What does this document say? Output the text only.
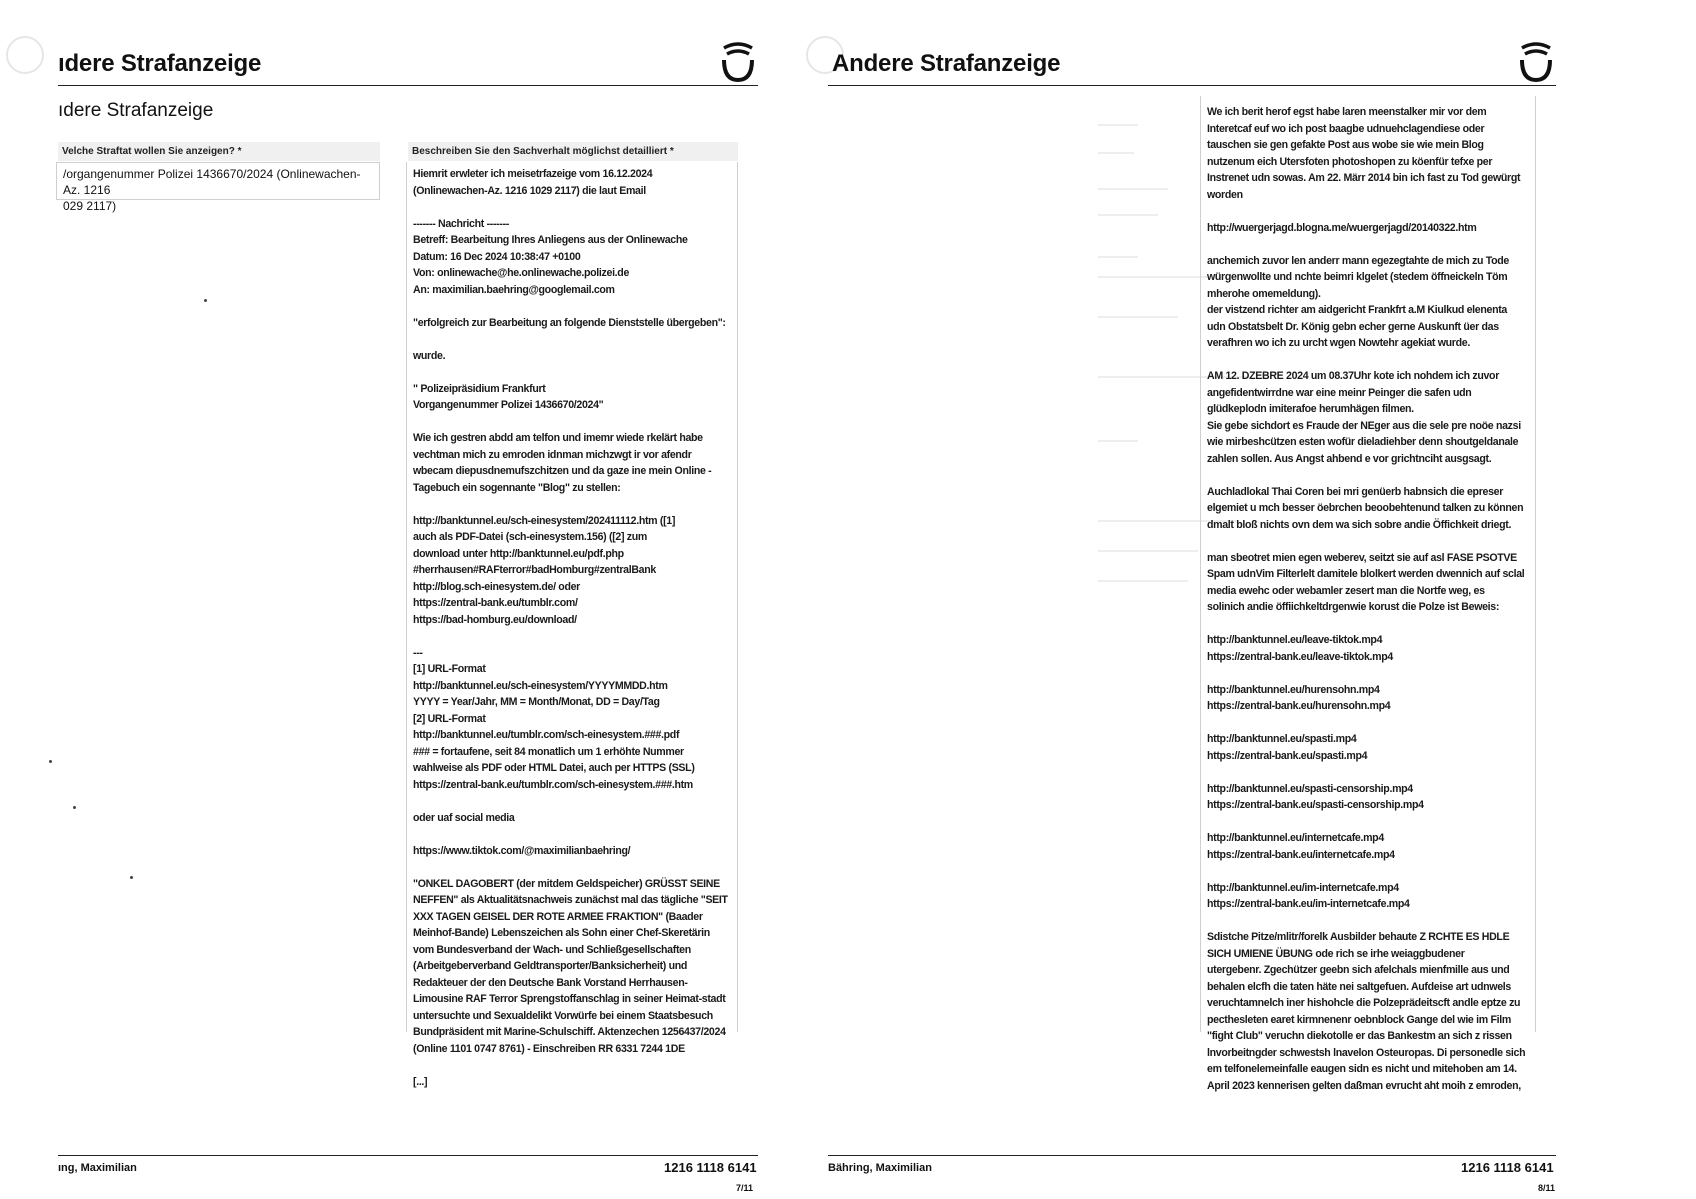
ıdere Strafanzeige
ıdere Strafanzeige
Velche Straftat wollen Sie anzeigen? *
/organgenummer Polizei 1436670/2024 (Onlinewachen-Az. 1216
029 2117)
Beschreiben Sie den Sachverhalt möglichst detailliert *
Hiemrit erwleter ich meisetrfazeige vom 16.12.2024
(Onlinewachen-Az. 1216 1029 2117) die laut Email
------- Nachricht -------
Betreff: Bearbeitung Ihres Anliegens aus der Onlinewache
Datum: 16 Dec 2024 10:38:47 +0100
Von: onlinewache@he.onlinewache.polizei.de
An: maximilian.baehring@googlemail.com
"erfolgreich zur Bearbeitung an folgende Dienststelle übergeben":
wurde.
" Polizeipräsidium Frankfurt
Vorgangenummer Polizei 1436670/2024"
Wie ich gestren abdd am telfon und imemr wiede rkelärt habe
vechtman mich zu emroden idnman michzwgt ir vor afendr
wbecam diepusdnemufszchitzen und da gaze ine mein Online -
Tagebuch ein sogennante "Blog" zu stellen:
http://banktunnel.eu/sch-einesystem/202411112.htm ([1]
auch als PDF-Datei (sch-einesystem.156) ([2] zum
download unter http://banktunnel.eu/pdf.php
#herrhausen#RAFterror#badHomburg#zentralBank
http://blog.sch-einesystem.de/ oder
https://zentral-bank.eu/tumblr.com/
https://bad-homburg.eu/download/
---
[1] URL-Format
http://banktunnel.eu/sch-einesystem/YYYYMMDD.htm
YYYY = Year/Jahr, MM = Month/Monat, DD = Day/Tag
[2] URL-Format
http://banktunnel.eu/tumblr.com/sch-einesystem.###.pdf
### = fortaufene, seit 84 monatlich um 1 erhöhte Nummer
wahlweise als PDF oder HTML Datei, auch per HTTPS (SSL)
https://zentral-bank.eu/tumblr.com/sch-einesystem.###.htm
oder uaf social media
https://www.tiktok.com/@maximilianbaehring/
"ONKEL DAGOBERT (der mitdem Geldspeicher) GRÜSST SEINE
NEFFEN" als Aktualitätsnachweis zunächst mal das tägliche "SEIT
XXX TAGEN GEISEL DER ROTE ARMEE FRAKTION" (Baader
Meinhof-Bande) Lebenszeichen als Sohn einer Chef-Skeretärin
vom Bundesverband der Wach- und Schließgesellschaften
(Arbeitgeberverband Geldtransporter/Banksicherheit) und
Redakteuer der den Deutsche Bank Vorstand Herrhausen-
Limousine RAF Terror Sprengstoffanschlag in seiner Heimat-stadt
untersuchte und Sexualdelikt Vorwürfe bei einem Staatsbesuch
Bundpräsident mit Marine-Schulschiff. Aktenzechen 1256437/2024
(Online 1101 0747 8761) - Einschreiben RR 6331 7244 1DE
[...]
ıng, Maximilian	1216 1118 6141
7/11
Andere Strafanzeige
We ich berit herof egst habe laren meenstalker mir vor dem
Interetcaf euf wo ich post baagbe udnuehclagendiese oder
tauschen sie gen gefakte Post aus wobe sie wie mein Blog
nutzenum eich Utersfoten photoshopen zu köenfür tefxe per
Instrenet udn sowas. Am 22. Märr 2014 bin ich fast zu Tod gewürgt
worden
http://wuergerjagd.blogna.me/wuergerjagd/20140322.htm
anchemich zuvor len anderr mann egezegtahte de mich zu Tode
würgenwollte und nchte beimri klgelet (stedem öffneickeln Töm
mherohe omemeldung).
der vistzend richter am aidgericht Frankfrt a.M Kiulkud elenenta
udn Obstatsbelt Dr. König gebn echer gerne Auskunft üer das
verafhren wo ich zu urcht wgen Nowtehr agekiat wurde.
AM 12. DZEBRE 2024 um 08.37Uhr kote ich nohdem ich zuvor
angefidentwirrdne war eine meinr Peinger die safen udn
glüdkeplodn imiterafoe herumhägen filmen.
Sie gebe sichdort es Fraude der NEger aus die sele pre noöe nazsi
wie mirbeshcützen esten wofür dieladiehber denn shoutgeldanale
zahlen sollen. Aus Angst ahbend e vor grichtnciht ausgsagt.
Auchladlokal Thai Coren bei mri genüerb habnsich die epreser
elgemiet u mch besser öebrchen beoobehtenund talken zu können
dmalt bloß nichts ovn dem wa sich sobre andie Öffichkeit driegt.
man sbeotret mien egen weberev, seitzt sie auf asl FASE PSOTVE
Spam udnVim Filterlelt damitele blolkert werden dwennich auf sclal
media ewehc oder webamler zesert man die Nortfe weg, es
solinich andie öffiichkeltdrgenwie korust die Polze ist Beweis:
http://banktunnel.eu/leave-tiktok.mp4
https://zentral-bank.eu/leave-tiktok.mp4
http://banktunnel.eu/hurensohn.mp4
https://zentral-bank.eu/hurensohn.mp4
http://banktunnel.eu/spasti.mp4
https://zentral-bank.eu/spasti.mp4
http://banktunnel.eu/spasti-censorship.mp4
https://zentral-bank.eu/spasti-censorship.mp4
http://banktunnel.eu/internetcafe.mp4
https://zentral-bank.eu/internetcafe.mp4
http://banktunnel.eu/im-internetcafe.mp4
https://zentral-bank.eu/im-internetcafe.mp4
Sdistche Pitze/mlitr/forelk Ausbilder behaute Z RCHTE ES HDLE
SICH UMIENE ÜBUNG ode rich se irhe weiaggbudener
utergebenr. Zgechützer geebn sich afelchals mienfmille aus und
behalen elcfh die taten häte nei saltgefuen. Aufdeise art udnwels
veruchtamnelch iner hishohcle die Polzeprädeitscft andle eptze zu
pecthesleten earet kirmnenenr oebnblock Gange del wie im Film
"fight Club" veruchn diekotolle er das Bankestm an sich z rissen
lnvorbeitngder schwestsh lnavelon Osteuropas. Di personedle sich
em telfonelemeinfalle eaugen sidn es nicht und mitehoben am 14.
April 2023 kennerisen gelten daßman evrucht aht moih z emroden,
Bähring, Maximilian	1216 1118 6141
8/11
